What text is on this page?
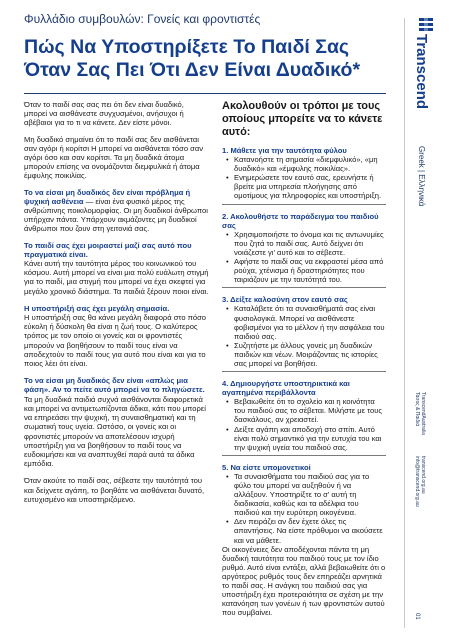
Φυλλάδιο συμβουλών: Γονείς και φροντιστές
Πώς Να Υποστηρίξετε Το Παιδί Σας Όταν Σας Πει Ότι Δεν Είναι Δυαδικό*

Όταν το παιδί σας σας πει ότι δεν είναι δυαδικό, μπορεί να αισθάνεστε συγχυσμένοι, ανήσυχοι ή αβέβαιοι για το τι να κάνετε. Δεν είστε μόνοι.

Μη δυαδικό σημαίνει ότι το παιδί σας δεν αισθάνεται σαν αγόρι ή κορίτσι Η μπορεί να αισθάνεται τόσο σαν αγόρι όσο και σαν κορίτσι. Τα μη δυαδικά άτομα μπορούν επίσης να ονομάζονται διεμφυλικά ή άτομα έμφυλης ποικιλίας.

Το να είσαι μη δυαδικός δεν είναι πρόβλημα ή ψυχική ασθένεια — είναι ένα φυσικό μέρος της ανθρώπινης ποικιλομορφίας. Οι μη δυαδικοί άνθρωποι υπήρχαν πάντα. Υπάρχουν ακμάζοντες μη δυαδικοί άνθρωποι που ζουν στη γειτονιά σας.

Το παιδί σας έχει μοιραστεί μαζί σας αυτό που πραγματικά είναι.

Κάνει αυτή την ταυτότητα μέρος του κοινωνικού του κόσμου. Αυτή μπορεί να είναι μια πολύ ευάλωτη στιγμή για το παιδί, μια στιγμή που μπορεί να έχει σκεφτεί για μεγάλο χρονικό διάστημα. Τα παιδιά ξέρουν ποιοι είναι.

Η υποστήριξή σας έχει μεγάλη σημασία.

Η υποστήριξή σας θα κάνει μεγάλη διαφορά στο πόσο εύκολη ή δύσκολη θα είναι η ζωή τους. Ο καλύτερος τρόπος με τον οποίο οι γονείς και οι φροντιστές μπορούν να βοηθήσουν το παιδί τους είναι να αποδεχτούν το παιδί τους για αυτό που είναι και για το ποιος λέει ότι είναι.

Το να είσαι μη δυαδικός δεν είναι «απλώς μια φάση». Αν το πείτε αυτό μπορεί να το πληγώσετε.

Τα μη δυαδικά παιδιά συχνά αισθάνονται διαφορετικά και μπορεί να αντιμετωπίζονται άδικα, κάτι που μπορεί να επηρεάσει την ψυχική, τη συναισθηματική και τη σωματική τους υγεία. Ωστόσο, οι γονείς και οι φροντιστές μπορούν να αποτελέσουν ισχυρή υποστήριξη για να βοηθήσουν το παιδί τους να ευδοκιμήσει και να αναπτυχθεί παρά αυτά τα άδικα εμπόδια.

Όταν ακούτε το παιδί σας, σέβεστε την ταυτότητά του και δείχνετε αγάπη, το βοηθάτε να αισθάνεται δυνατό, ευτυχισμένο και υποστηριζόμενο.

Ακολουθούν οι τρόποι με τους οποίους μπορείτε να το κάνετε αυτό:
1. Μάθετε για την ταυτότητα φύλου
• Κατανοήστε τη σημασία «διεμφυλικό», «μη δυαδικό» και «έμφυλης ποικιλίας».
• Ενημερώσετε τον εαυτό σας, ερευνήστε ή βρείτε μια υπηρεσία πλοήγησης από ομοτίμους για πληροφορίες και υποστήριξη.
2. Ακολουθήστε το παράδειγμα του παιδιού σας
• Χρησιμοποιήστε το όνομα και τις αντωνυμίες που ζητά το παιδί σας. Αυτό δείχνει ότι νοιάζεστε γι' αυτό και το σέβεστε.
• Αφήστε το παιδί σας να εκφραστεί μέσα από ρούχα, χτένισμα ή δραστηριότητες που ταιριάζουν με την ταυτότητά του.
3. Δείξτε καλοσύνη στον εαυτό σας
• Καταλάβετε ότι τα συναισθήματά σας είναι φυσιολογικά. Μπορεί να αισθάνεστε φοβισμένοι για το μέλλον ή την ασφάλεια του παιδιού σας.
• Συζητήστε με άλλους γονείς μη δυαδικών παιδιών και νέων. Μοιράζοντας τις ιστορίες σας μπορεί να βοηθήσει.
4. Δημιουργήστε υποστηρικτικά και αγαπημένα περιβάλλοντα
• Βεβαιωθείτε ότι το σχολείο και η κοινότητα του παιδιού σας το σέβεται. Μιλήστε με τους δασκάλους, αν χρειαστεί.
• Δείξτε αγάπη και αποδοχή στο σπίτι. Αυτό είναι πολύ σημαντικό για την ευτυχία του και την ψυχική υγεία του παιδιού σας.
5. Να είστε υπομονετικοί
• Τα συναισθήματα του παιδιού σας για το φύλο του μπορεί να αυξηθούν ή να αλλάξουν. Υποστηρίξτε το σ' αυτή τη διαδικασία, καθώς και τα αδέλφια του παιδιού και την ευρύτερη οικογένεια.
• Δεν πειράζει αν δεν έχετε όλες τις απαντήσεις. Να είστε πρόθυμοι να ακούσετε και να μάθετε.

Οι οικογένειες δεν αποδέχονται πάντα τη μη δυαδική ταυτότητα του παιδιού τους με τον ίδιο ρυθμό. Αυτό είναι εντάξει, αλλά βεβαιωθείτε ότι ο αργότερος ρυθμός τους δεν επηρεάζει αρνητικά το παιδί σας. Η ανάγκη του παιδιού σας για υποστήριξη έχει προτεραιότητα σε σχέση με την κατανόηση των γονέων ή των φροντιστών αυτού που συμβαίνει.

Transcend
Greek | Ελληνικά
TranscendAustralia
Τάσος & Παιδιά
transcend.org.au
info@transcend.org.au
01
